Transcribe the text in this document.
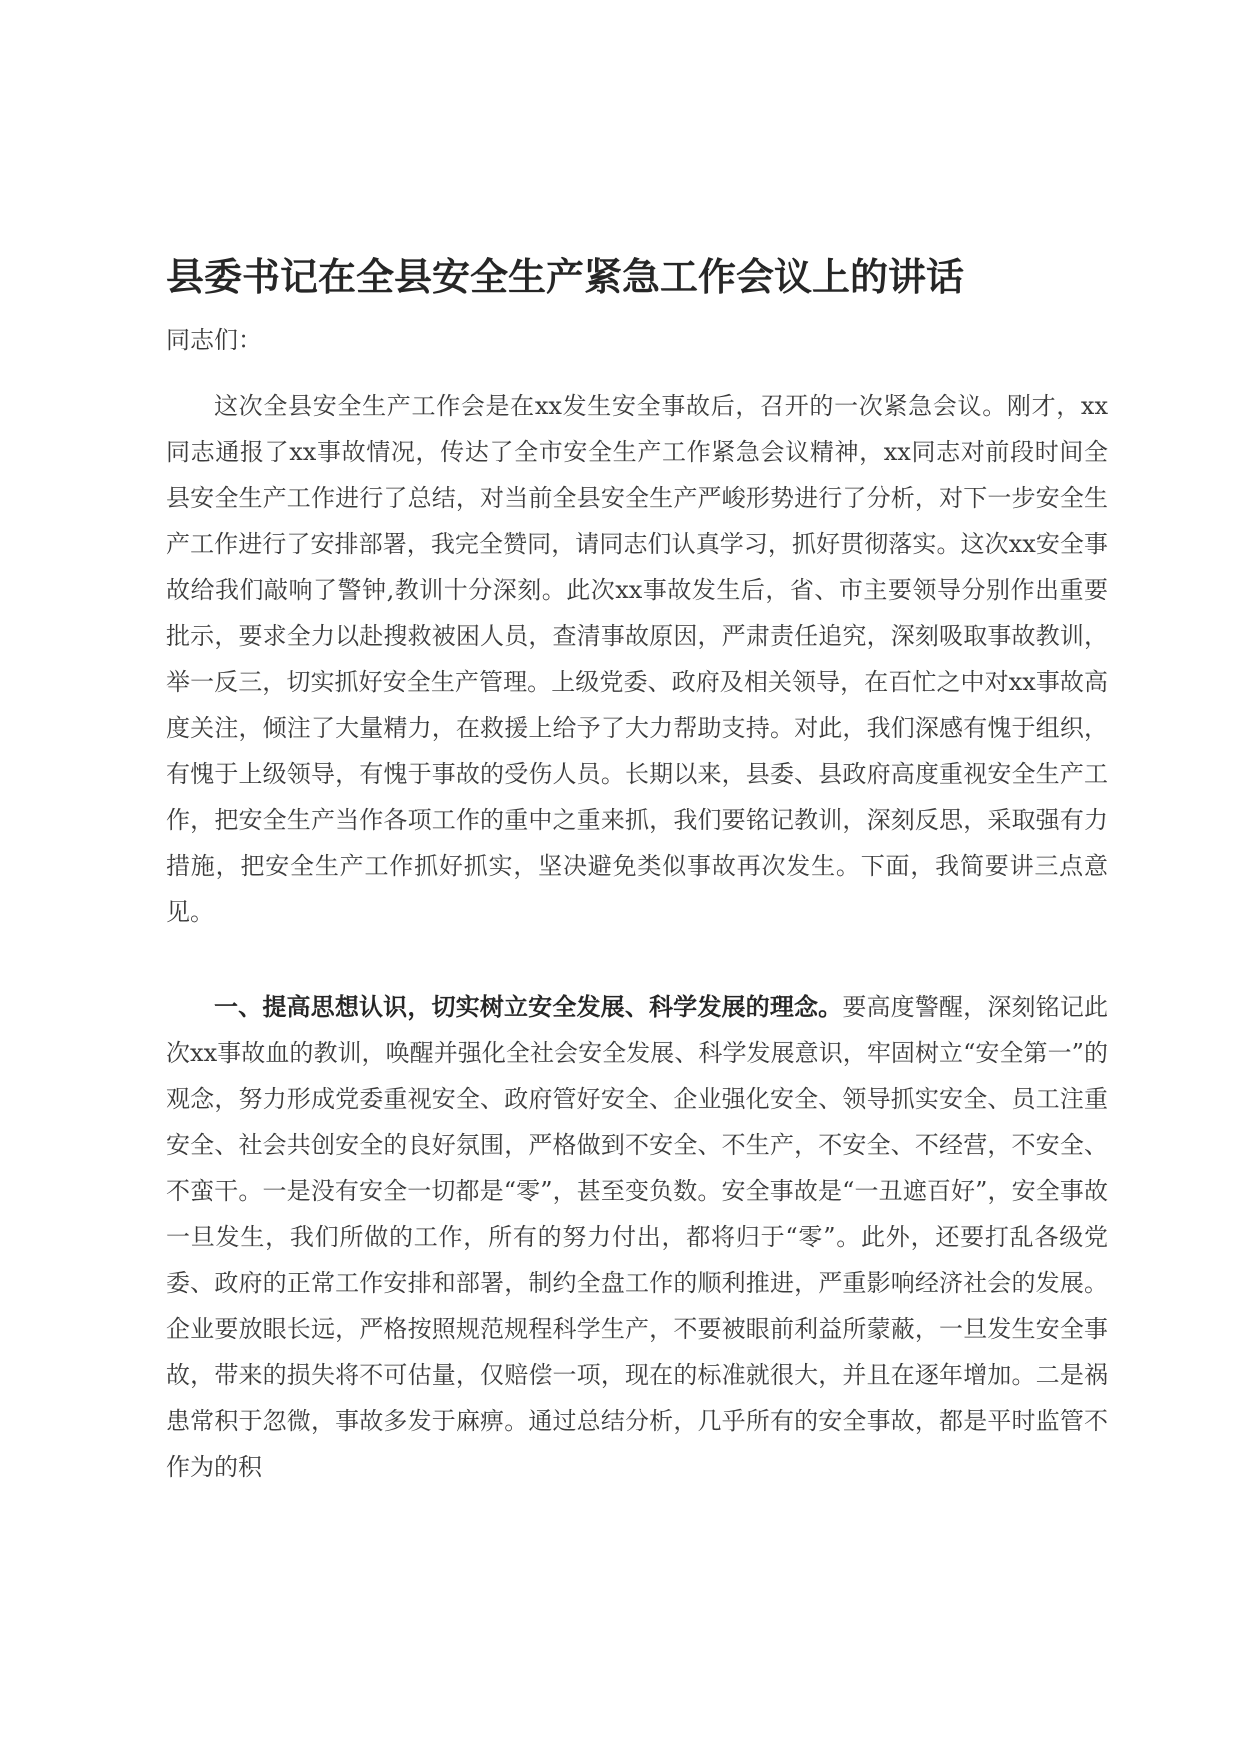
县委书记在全县安全生产紧急工作会议上的讲话

同志们：

这次全县安全生产工作会是在xx发生安全事故后，召开的一次紧急会议。刚才，xx同志通报了xx事故情况，传达了全市安全生产工作紧急会议精神，xx同志对前段时间全县安全生产工作进行了总结，对当前全县安全生产严峻形势进行了分析，对下一步安全生产工作进行了安排部署，我完全赞同，请同志们认真学习，抓好贯彻落实。这次xx安全事故给我们敲响了警钟,教训十分深刻。此次xx事故发生后，省、市主要领导分别作出重要批示，要求全力以赴搜救被困人员，查清事故原因，严肃责任追究，深刻吸取事故教训，举一反三，切实抓好安全生产管理。上级党委、政府及相关领导，在百忙之中对xx事故高度关注，倾注了大量精力，在救援上给予了大力帮助支持。对此，我们深感有愧于组织，有愧于上级领导，有愧于事故的受伤人员。长期以来，县委、县政府高度重视安全生产工作，把安全生产当作各项工作的重中之重来抓，我们要铭记教训，深刻反思，采取强有力措施，把安全生产工作抓好抓实，坚决避免类似事故再次发生。下面，我简要讲三点意见。

一、提高思想认识，切实树立安全发展、科学发展的理念。要高度警醒，深刻铭记此次xx事故血的教训，唤醒并强化全社会安全发展、科学发展意识，牢固树立“安全第一”的观念，努力形成党委重视安全、政府管好安全、企业强化安全、领导抓实安全、员工注重安全、社会共创安全的良好氛围，严格做到不安全、不生产，不安全、不经营，不安全、不蛮干。一是没有安全一切都是“零”，甚至变负数。安全事故是“一丑遮百好”，安全事故一旦发生，我们所做的工作，所有的努力付出，都将归于“零”。此外，还要打乱各级党委、政府的正常工作安排和部署，制约全盘工作的顺利推进，严重影响经济社会的发展。企业要放眼长远，严格按照规范规程科学生产，不要被眼前利益所蒙蔽，一旦发生安全事故，带来的损失将不可估量，仅赔偿一项，现在的标准就很大，并且在逐年增加。二是祸患常积于忽微，事故多发于麻痹。通过总结分析，几乎所有的安全事故，都是平时监管不作为的积
